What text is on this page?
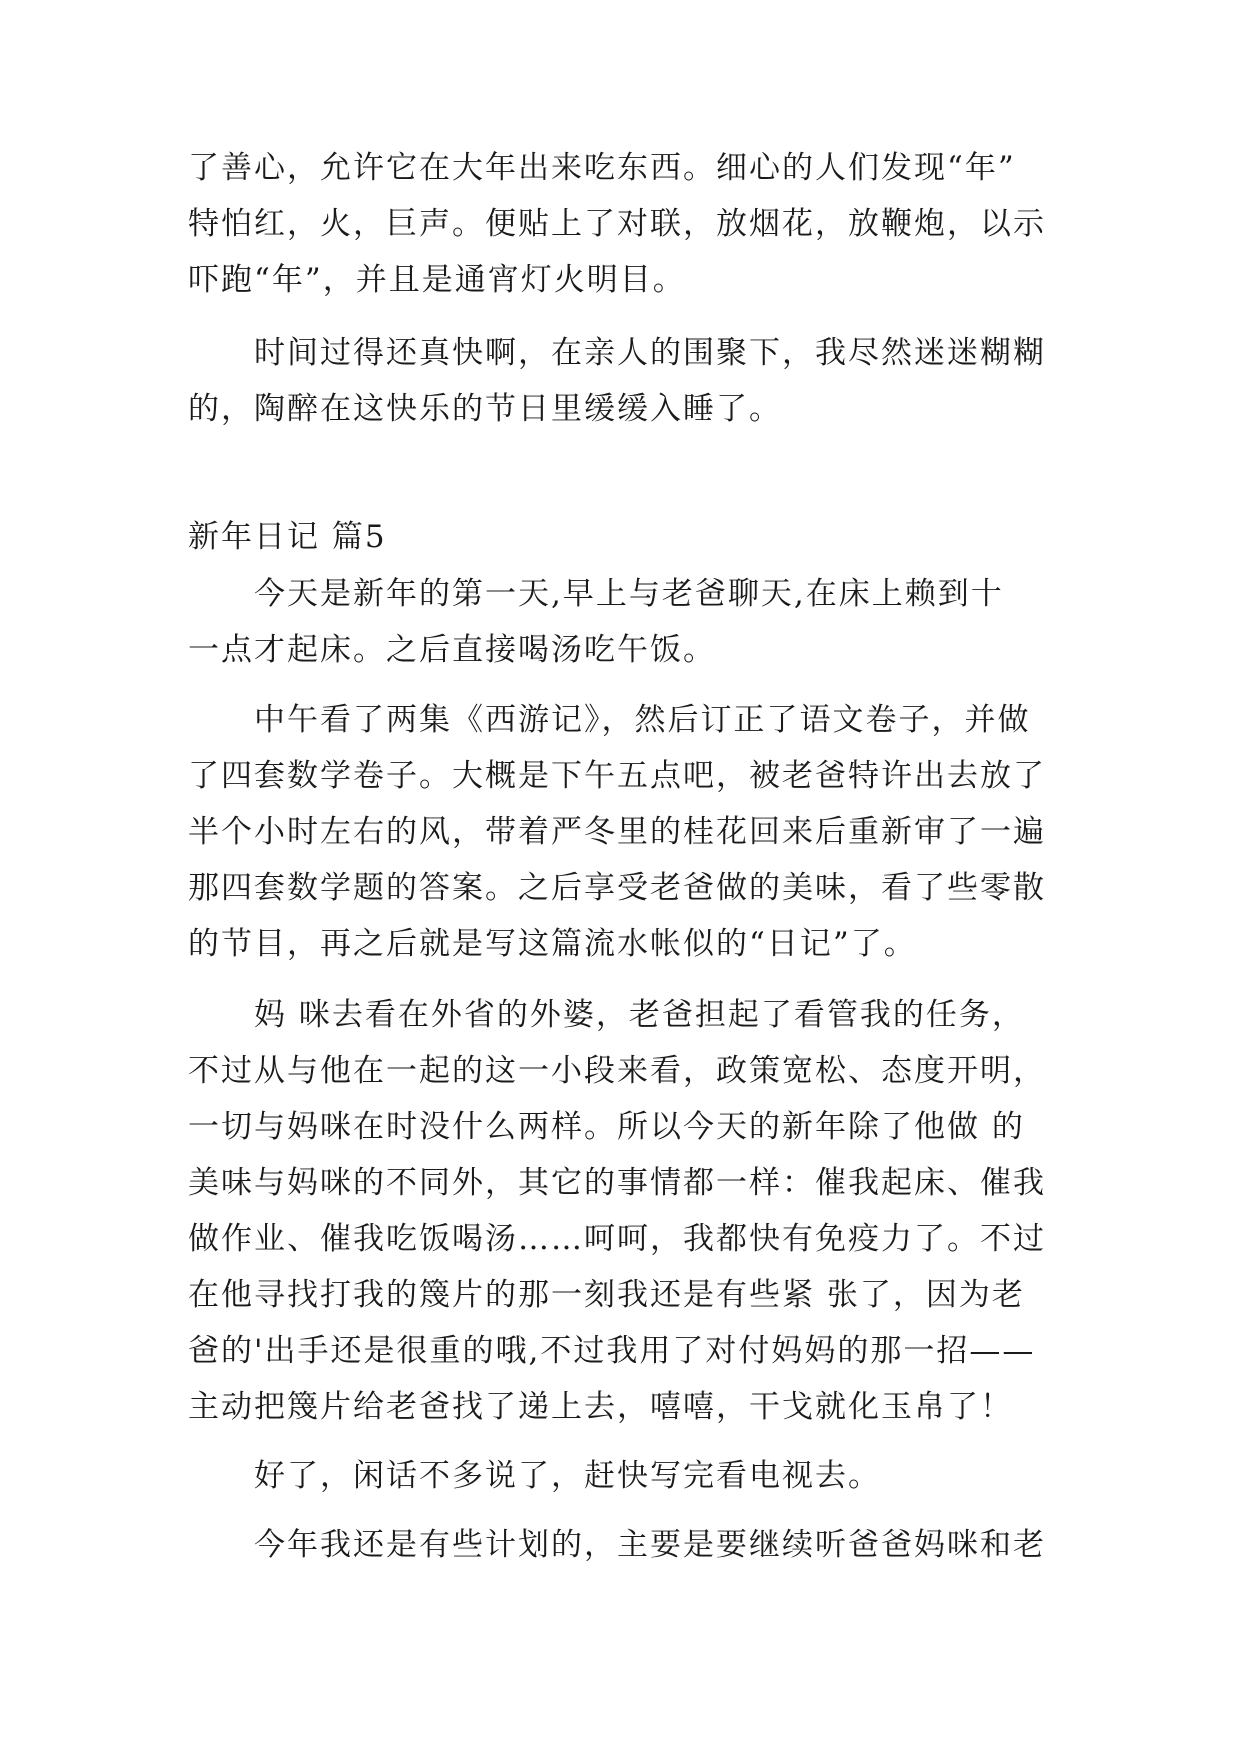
了善心，允许它在大年出来吃东西。细心的人们发现“年”
特怕红，火，巨声。便贴上了对联，放烟花，放鞭炮，以示
吓跑“年”，并且是通宵灯火明目。
时间过得还真快啊，在亲人的围聚下，我尽然迷迷糊糊
的，陶醉在这快乐的节日里缓缓入睡了。
新年日记 篇5
今天是新年的第一天,早上与老爸聊天,在床上赖到十
一点才起床。之后直接喝汤吃午饭。
中午看了两集《西游记》，然后订正了语文卷子，并做
了四套数学卷子。大概是下午五点吧，被老爸特许出去放了
半个小时左右的风，带着严冬里的桂花回来后重新审了一遍
那四套数学题的答案。之后享受老爸做的美味，看了些零散
的节目，再之后就是写这篇流水帐似的“日记”了。
妈 咪去看在外省的外婆，老爸担起了看管我的任务，
不过从与他在一起的这一小段来看，政策宽松、态度开明，
一切与妈咪在时没什么两样。所以今天的新年除了他做 的
美味与妈咪的不同外，其它的事情都一样：催我起床、催我
做作业、催我吃饭喝汤……呵呵，我都快有免疫力了。不过
在他寻找打我的篾片的那一刻我还是有些紧 张了，因为老
爸的'出手还是很重的哦,不过我用了对付妈妈的那一招——
主动把篾片给老爸找了递上去，嘻嘻，干戈就化玉帛了！
好了，闲话不多说了，赶快写完看电视去。
今年我还是有些计划的，主要是要继续听爸爸妈咪和老
